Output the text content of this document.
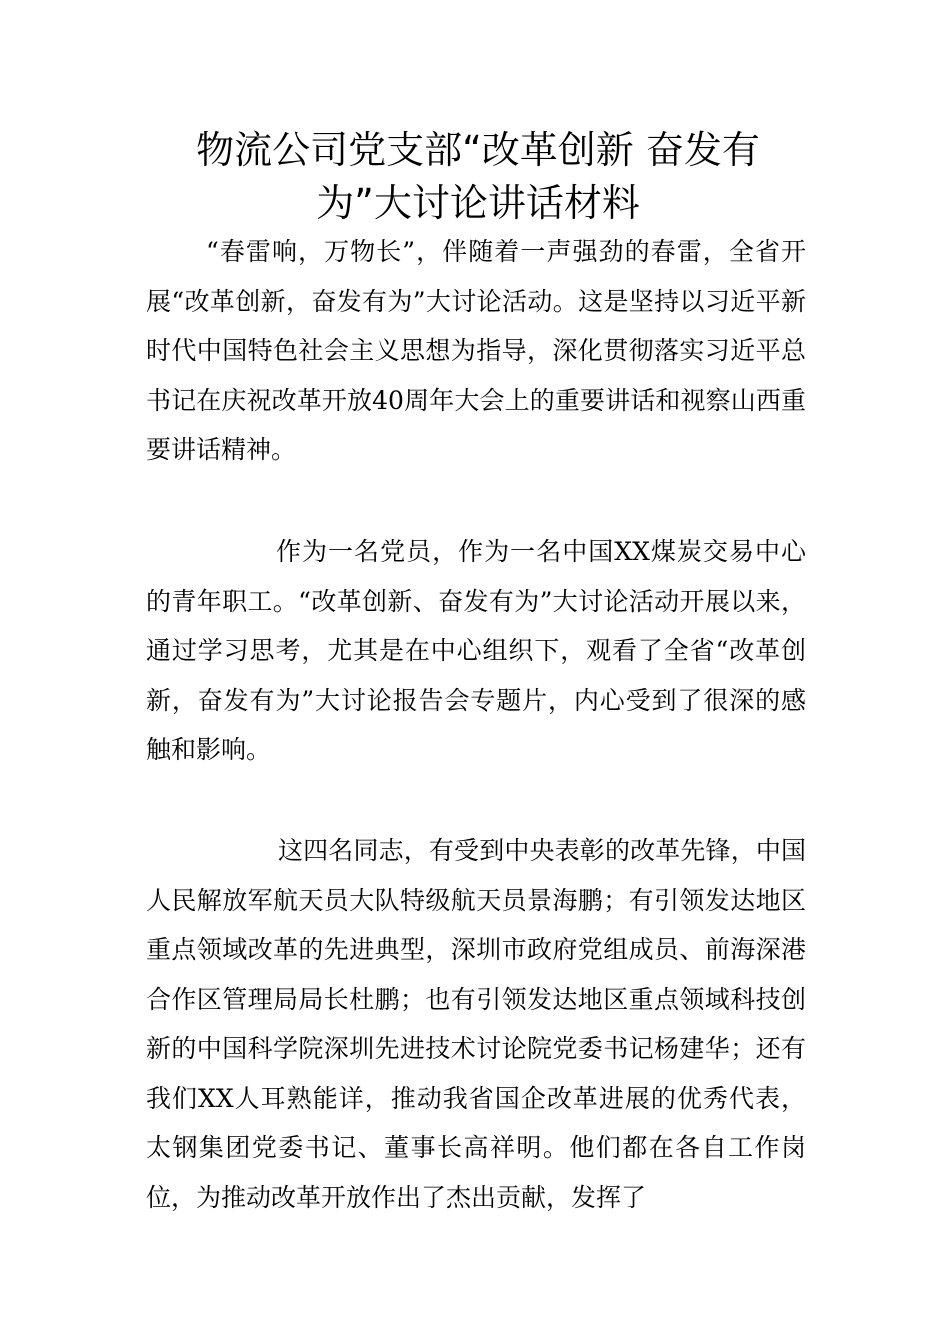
物流公司党支部“改革创新 奋发有
为”大讨论讲话材料

“春雷响，万物长”，伴随着一声强劲的春雷，全省开展“改革创新，奋发有为”大讨论活动。这是坚持以习近平新时代中国特色社会主义思想为指导，深化贯彻落实习近平总书记在庆祝改革开放40周年大会上的重要讲话和视察山西重要讲话精神。

作为一名党员，作为一名中国XX煤炭交易中心的青年职工。“改革创新、奋发有为”大讨论活动开展以来，通过学习思考，尤其是在中心组织下，观看了全省“改革创新，奋发有为”大讨论报告会专题片，内心受到了很深的感触和影响。

这四名同志，有受到中央表彰的改革先锋，中国人民解放军航天员大队特级航天员景海鹏；有引领发达地区重点领域改革的先进典型，深圳市政府党组成员、前海深港合作区管理局局长杜鹏；也有引领发达地区重点领域科技创新的中国科学院深圳先进技术讨论院党委书记杨建华；还有我们XX人耳熟能详，推动我省国企改革进展的优秀代表，太钢集团党委书记、董事长高祥明。他们都在各自工作岗位，为推动改革开放作出了杰出贡献，发挥了
